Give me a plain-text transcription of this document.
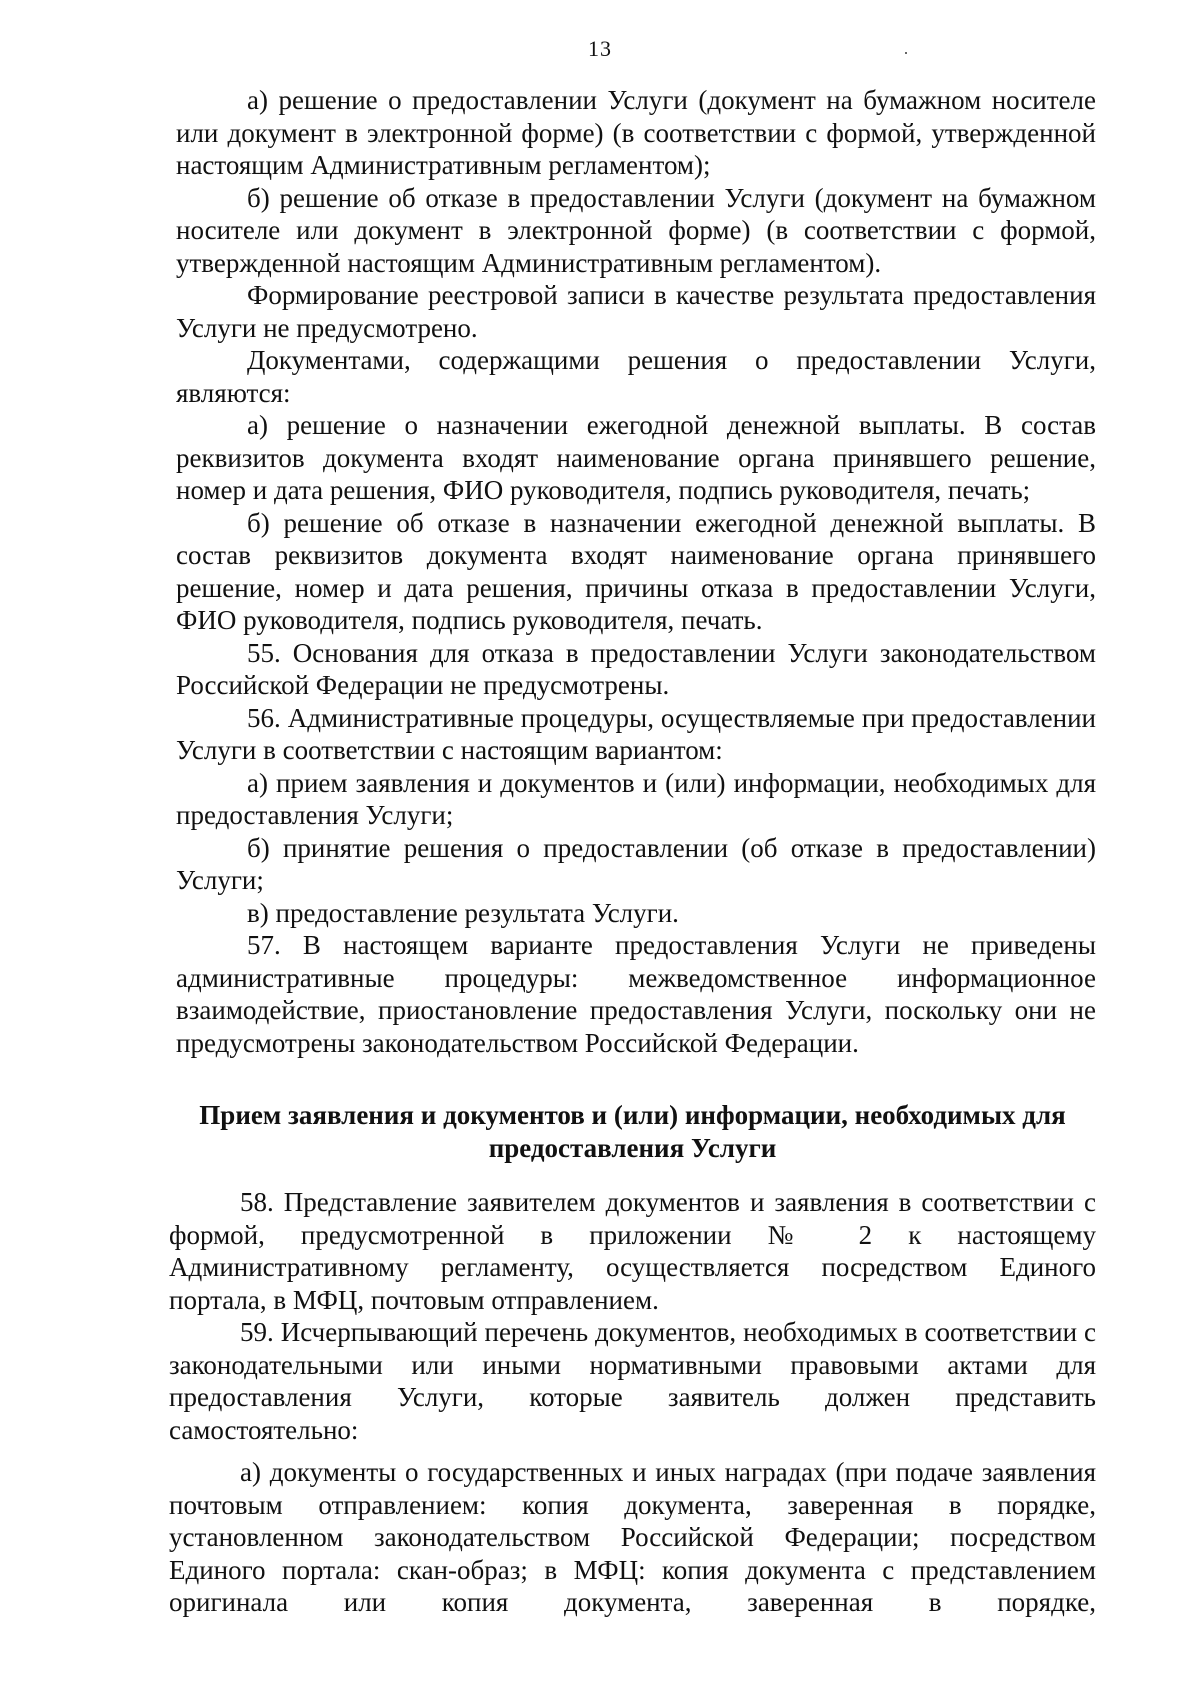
13

а) решение о предоставлении Услуги (документ на бумажном носителе или документ в электронной форме) (в соответствии с формой, утвержденной настоящим Административным регламентом);

б) решение об отказе в предоставлении Услуги (документ на бумажном носителе или документ в электронной форме) (в соответствии с формой, утвержденной настоящим Административным регламентом).

Формирование реестровой записи в качестве результата предоставления Услуги не предусмотрено.

Документами, содержащими решения о предоставлении Услуги, являются:

а) решение о назначении ежегодной денежной выплаты. В состав реквизитов документа входят наименование органа принявшего решение, номер и дата решения, ФИО руководителя, подпись руководителя, печать;

б) решение об отказе в назначении ежегодной денежной выплаты. В состав реквизитов документа входят наименование органа принявшего решение, номер и дата решения, причины отказа в предоставлении Услуги, ФИО руководителя, подпись руководителя, печать.

55. Основания для отказа в предоставлении Услуги законодательством Российской Федерации не предусмотрены.

56. Административные процедуры, осуществляемые при предоставлении Услуги в соответствии с настоящим вариантом:

а) прием заявления и документов и (или) информации, необходимых для предоставления Услуги;

б) принятие решения о предоставлении (об отказе в предоставлении) Услуги;

в) предоставление результата Услуги.

57. В настоящем варианте предоставления Услуги не приведены административные процедуры: межведомственное информационное взаимодействие, приостановление предоставления Услуги, поскольку они не предусмотрены законодательством Российской Федерации.

Прием заявления и документов и (или) информации, необходимых для предоставления Услуги

58. Представление заявителем документов и заявления в соответствии с формой, предусмотренной в приложении № 2 к настоящему Административному регламенту, осуществляется посредством Единого портала, в МФЦ, почтовым отправлением.

59. Исчерпывающий перечень документов, необходимых в соответствии с законодательными или иными нормативными правовыми актами для предоставления Услуги, которые заявитель должен представить самостоятельно:

а) документы о государственных и иных наградах (при подаче заявления почтовым отправлением: копия документа, заверенная в порядке, установленном законодательством Российской Федерации; посредством Единого портала: скан-образ; в МФЦ: копия документа с представлением оригинала или копия документа, заверенная в порядке,
